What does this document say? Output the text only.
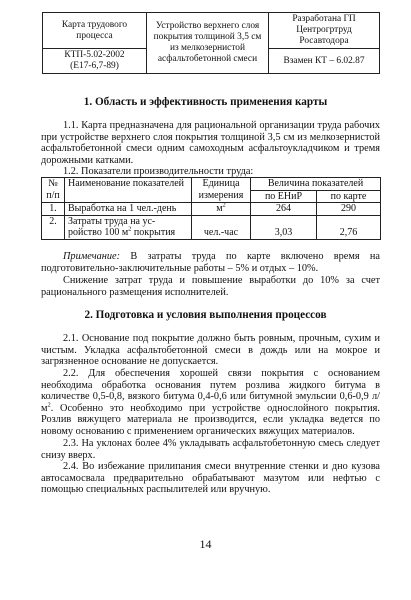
Карта трудового процесса	Устройство верхнего слоя покрытия толщиной 3,5 см из мелкозернистой асфальтобетонной смеси	Разработана ГП Центрогртруд Росавтодора

КТП-5.02-2002
(Е17-6,7-89)		Взамен КТ – 6.02.87
1. Область и эффективность применения карты
1.1. Карта предназначена для рациональной организации труда рабочих при устройстве верхнего слоя покрытия толщиной 3,5 см из мелкозернистой асфальтобетонной смеси одним самоходным асфальтоукладчиком и тремя дорожными катками.
1.2. Показатели производительности труда:
№ п/п	Наименование показателей	Единица измерения	Величина показателей	
			по ЕНиР	по карте
1.	Выработка на 1 чел.-день	$м^2$	264	290
2.	Затраты труда на ус-
ройство 100 $м^2$ покрытия	чел.-час	3,03	2,76
Примечание: В затраты труда по карте включено время на подготовительно-заключительные работы – 5% и отдых – 10%.
Снижение затрат труда и повышение выработки до 10% за счет рационального размещения исполнителей.
2. Подготовка и условия выполнения процессов
2.1. Основание под покрытие должно быть ровным, прочным, сухим и чистым. Укладка асфальтобетонной смеси в дождь или на мокрое и загрязненное основание не допускается.
2.2. Для обеспечения хорошей связи покрытия с основанием необходима обработка основания путем розлива жидкого битума в количестве 0,5-0,8, вязкого битума 0,4-0,6 или битумной эмульсии 0,6-0,9 $л/м^2$. Особенно это необходимо при устройстве однослойного покрытия. Розлив вяжущего материала не производится, если укладка ведется по новому основанию с применением органических вяжущих материалов.
2.3. На уклонах более 4% укладывать асфальтобетонную смесь следует снизу вверх.
2.4. Во избежание прилипания смеси внутренние стенки и дно кузова автосамосвала предварительно обрабатывают мазутом или нефтью с помощью специальных распылителей или вручную.
14
